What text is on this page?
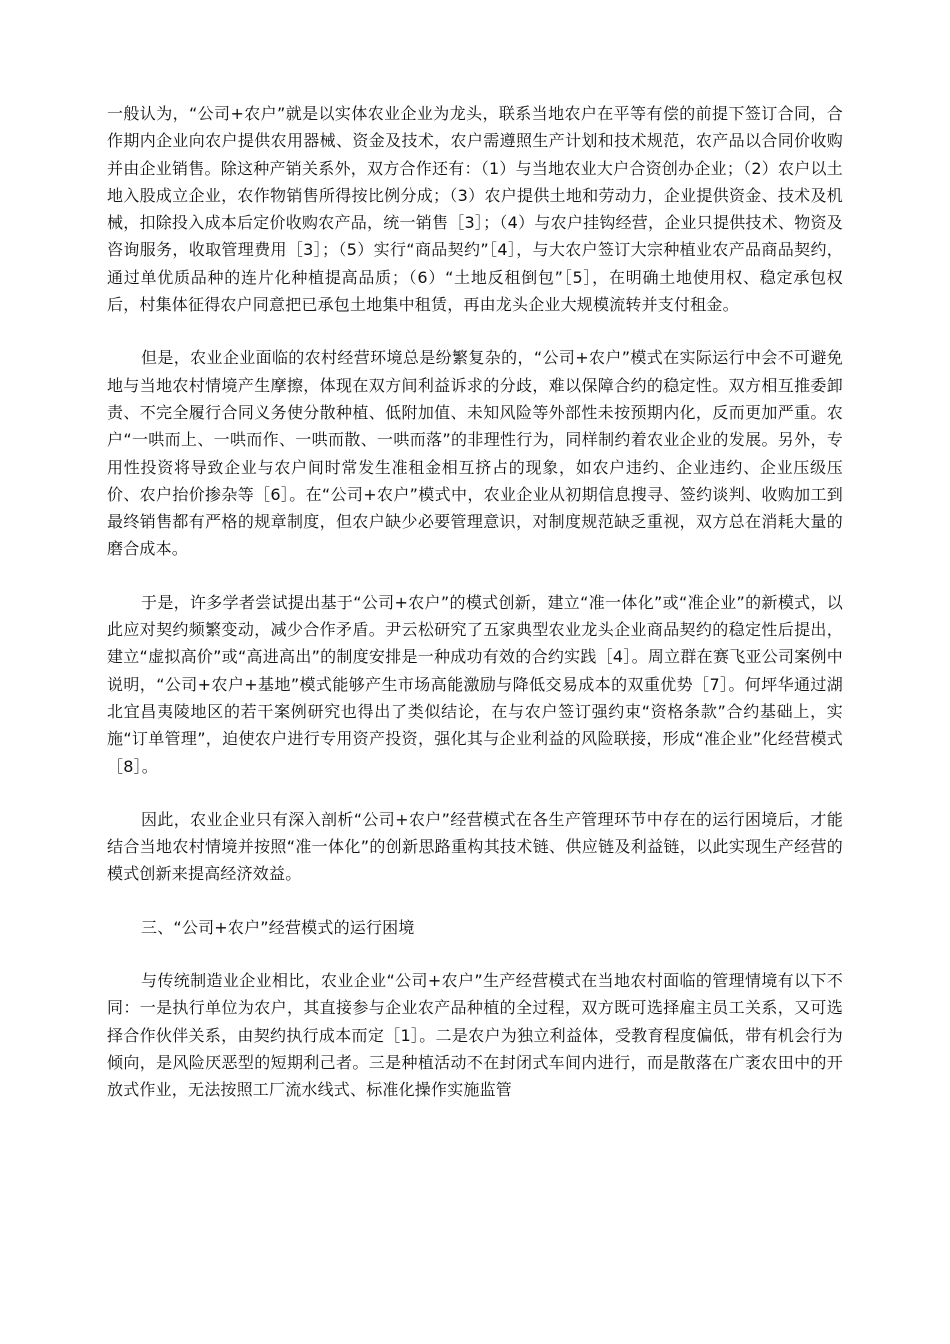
一般认为，“公司+农户”就是以实体农业企业为龙头，联系当地农户在平等有偿的前提下签订合同，合作期内企业向农户提供农用器械、资金及技术，农户需遵照生产计划和技术规范，农产品以合同价收购并由企业销售。除这种产销关系外，双方合作还有：（1）与当地农业大户合资创办企业；（2）农户以土地入股成立企业，农作物销售所得按比例分成；（3）农户提供土地和劳动力，企业提供资金、技术及机械，扣除投入成本后定价收购农产品，统一销售［3］；（4）与农户挂钩经营，企业只提供技术、物资及咨询服务，收取管理费用［3］；（5）实行“商品契约”［4］，与大农户签订大宗种植业农产品商品契约，通过单优质品种的连片化种植提高品质；（6）“土地反租倒包”［5］，在明确土地使用权、稳定承包权后，村集体征得农户同意把已承包土地集中租赁，再由龙头企业大规模流转并支付租金。

但是，农业企业面临的农村经营环境总是纷繁复杂的，“公司+农户”模式在实际运行中会不可避免地与当地农村情境产生摩擦，体现在双方间利益诉求的分歧，难以保障合约的稳定性。双方相互推委卸责、不完全履行合同义务使分散种植、低附加值、未知风险等外部性未按预期内化，反而更加严重。农户“一哄而上、一哄而作、一哄而散、一哄而落”的非理性行为，同样制约着农业企业的发展。另外，专用性投资将导致企业与农户间时常发生准租金相互挤占的现象，如农户违约、企业违约、企业压级压价、农户抬价掺杂等［6］。在“公司+农户”模式中，农业企业从初期信息搜寻、签约谈判、收购加工到最终销售都有严格的规章制度，但农户缺少必要管理意识，对制度规范缺乏重视，双方总在消耗大量的磨合成本。

于是，许多学者尝试提出基于“公司+农户”的模式创新，建立“准一体化”或“准企业”的新模式，以此应对契约频繁变动，减少合作矛盾。尹云松研究了五家典型农业龙头企业商品契约的稳定性后提出，建立“虚拟高价”或“高进高出”的制度安排是一种成功有效的合约实践［4］。周立群在赛飞亚公司案例中说明，“公司+农户+基地”模式能够产生市场高能激励与降低交易成本的双重优势［7］。何坪华通过湖北宜昌夷陵地区的若干案例研究也得出了类似结论，在与农户签订强约束“资格条款”合约基础上，实施“订单管理”，迫使农户进行专用资产投资，强化其与企业利益的风险联接，形成“准企业”化经营模式［8］。

因此，农业企业只有深入剖析“公司+农户”经营模式在各生产管理环节中存在的运行困境后，才能结合当地农村情境并按照“准一体化”的创新思路重构其技术链、供应链及利益链，以此实现生产经营的模式创新来提高经济效益。

三、“公司+农户”经营模式的运行困境

与传统制造业企业相比，农业企业“公司+农户”生产经营模式在当地农村面临的管理情境有以下不同：一是执行单位为农户，其直接参与企业农产品种植的全过程，双方既可选择雇主员工关系，又可选择合作伙伴关系，由契约执行成本而定［1］。二是农户为独立利益体，受教育程度偏低，带有机会行为倾向，是风险厌恶型的短期利己者。三是种植活动不在封闭式车间内进行，而是散落在广袤农田中的开放式作业，无法按照工厂流水线式、标准化操作实施监管
